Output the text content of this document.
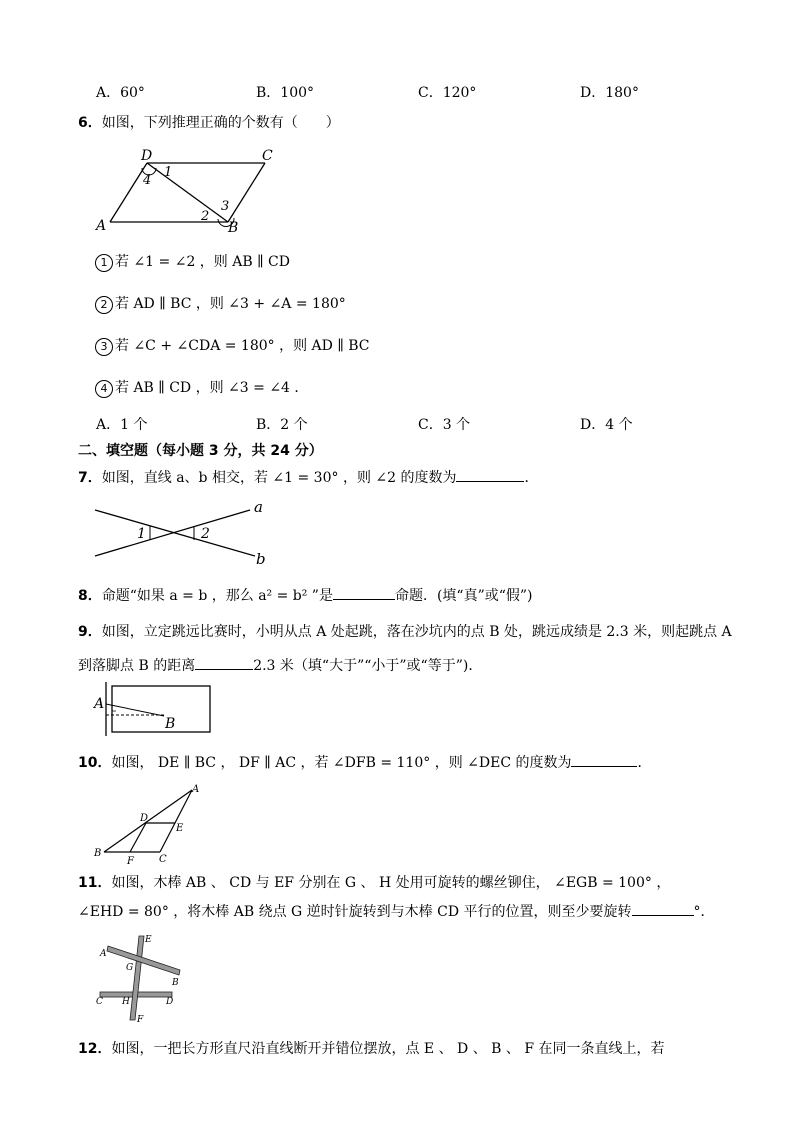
A．60°	B．100°	C．120°	D．180°
6．如图，下列推理正确的个数有（　　）
D	C
A	B
1
4
2
3
1 若 ∠1 = ∠2 ，则 AB ∥ CD
2 若 AD ∥ BC ，则 ∠3 + ∠A = 180°
3 若 ∠C + ∠CDA = 180° ，则 AD ∥ BC
4 若 AB ∥ CD ，则 ∠3 = ∠4 ．
A．1 个	B．2 个	C．3 个	D．4 个
二、填空题（每小题 3 分，共 24 分）
7．如图，直线 a、b 相交，若 ∠1 = 30° ，则 ∠2 的度数为	．
a
b
1	2
8．命题“如果 a = b ，那么 a² = b² ”是	命题．(填“真”或“假”)
9．如图，立定跳远比赛时，小明从点 A 处起跳，落在沙坑内的点 B 处，跳远成绩是 2.3 米，则起跳点 A
到落脚点 B 的距离	2.3 米（填“大于”“小于”或“等于”)．
A
B
10．如图， DE ∥ BC ， DF ∥ AC ，若 ∠DFB = 110° ，则 ∠DEC 的度数为	．
A
D
E
B
F	C
11．如图，木棒 AB 、 CD 与 EF 分别在 G 、 H 处用可旋转的螺丝铆住， ∠EGB = 100° ，
∠EHD = 80° ，将木棒 AB 绕点 G 逆时针旋转到与木棒 CD 平行的位置，则至少要旋转	°．
E
A
G
B
C H	D
F
12．如图，一把长方形直尺沿直线断开并错位摆放，点 E 、 D 、 B 、 F 在同一条直线上，若
